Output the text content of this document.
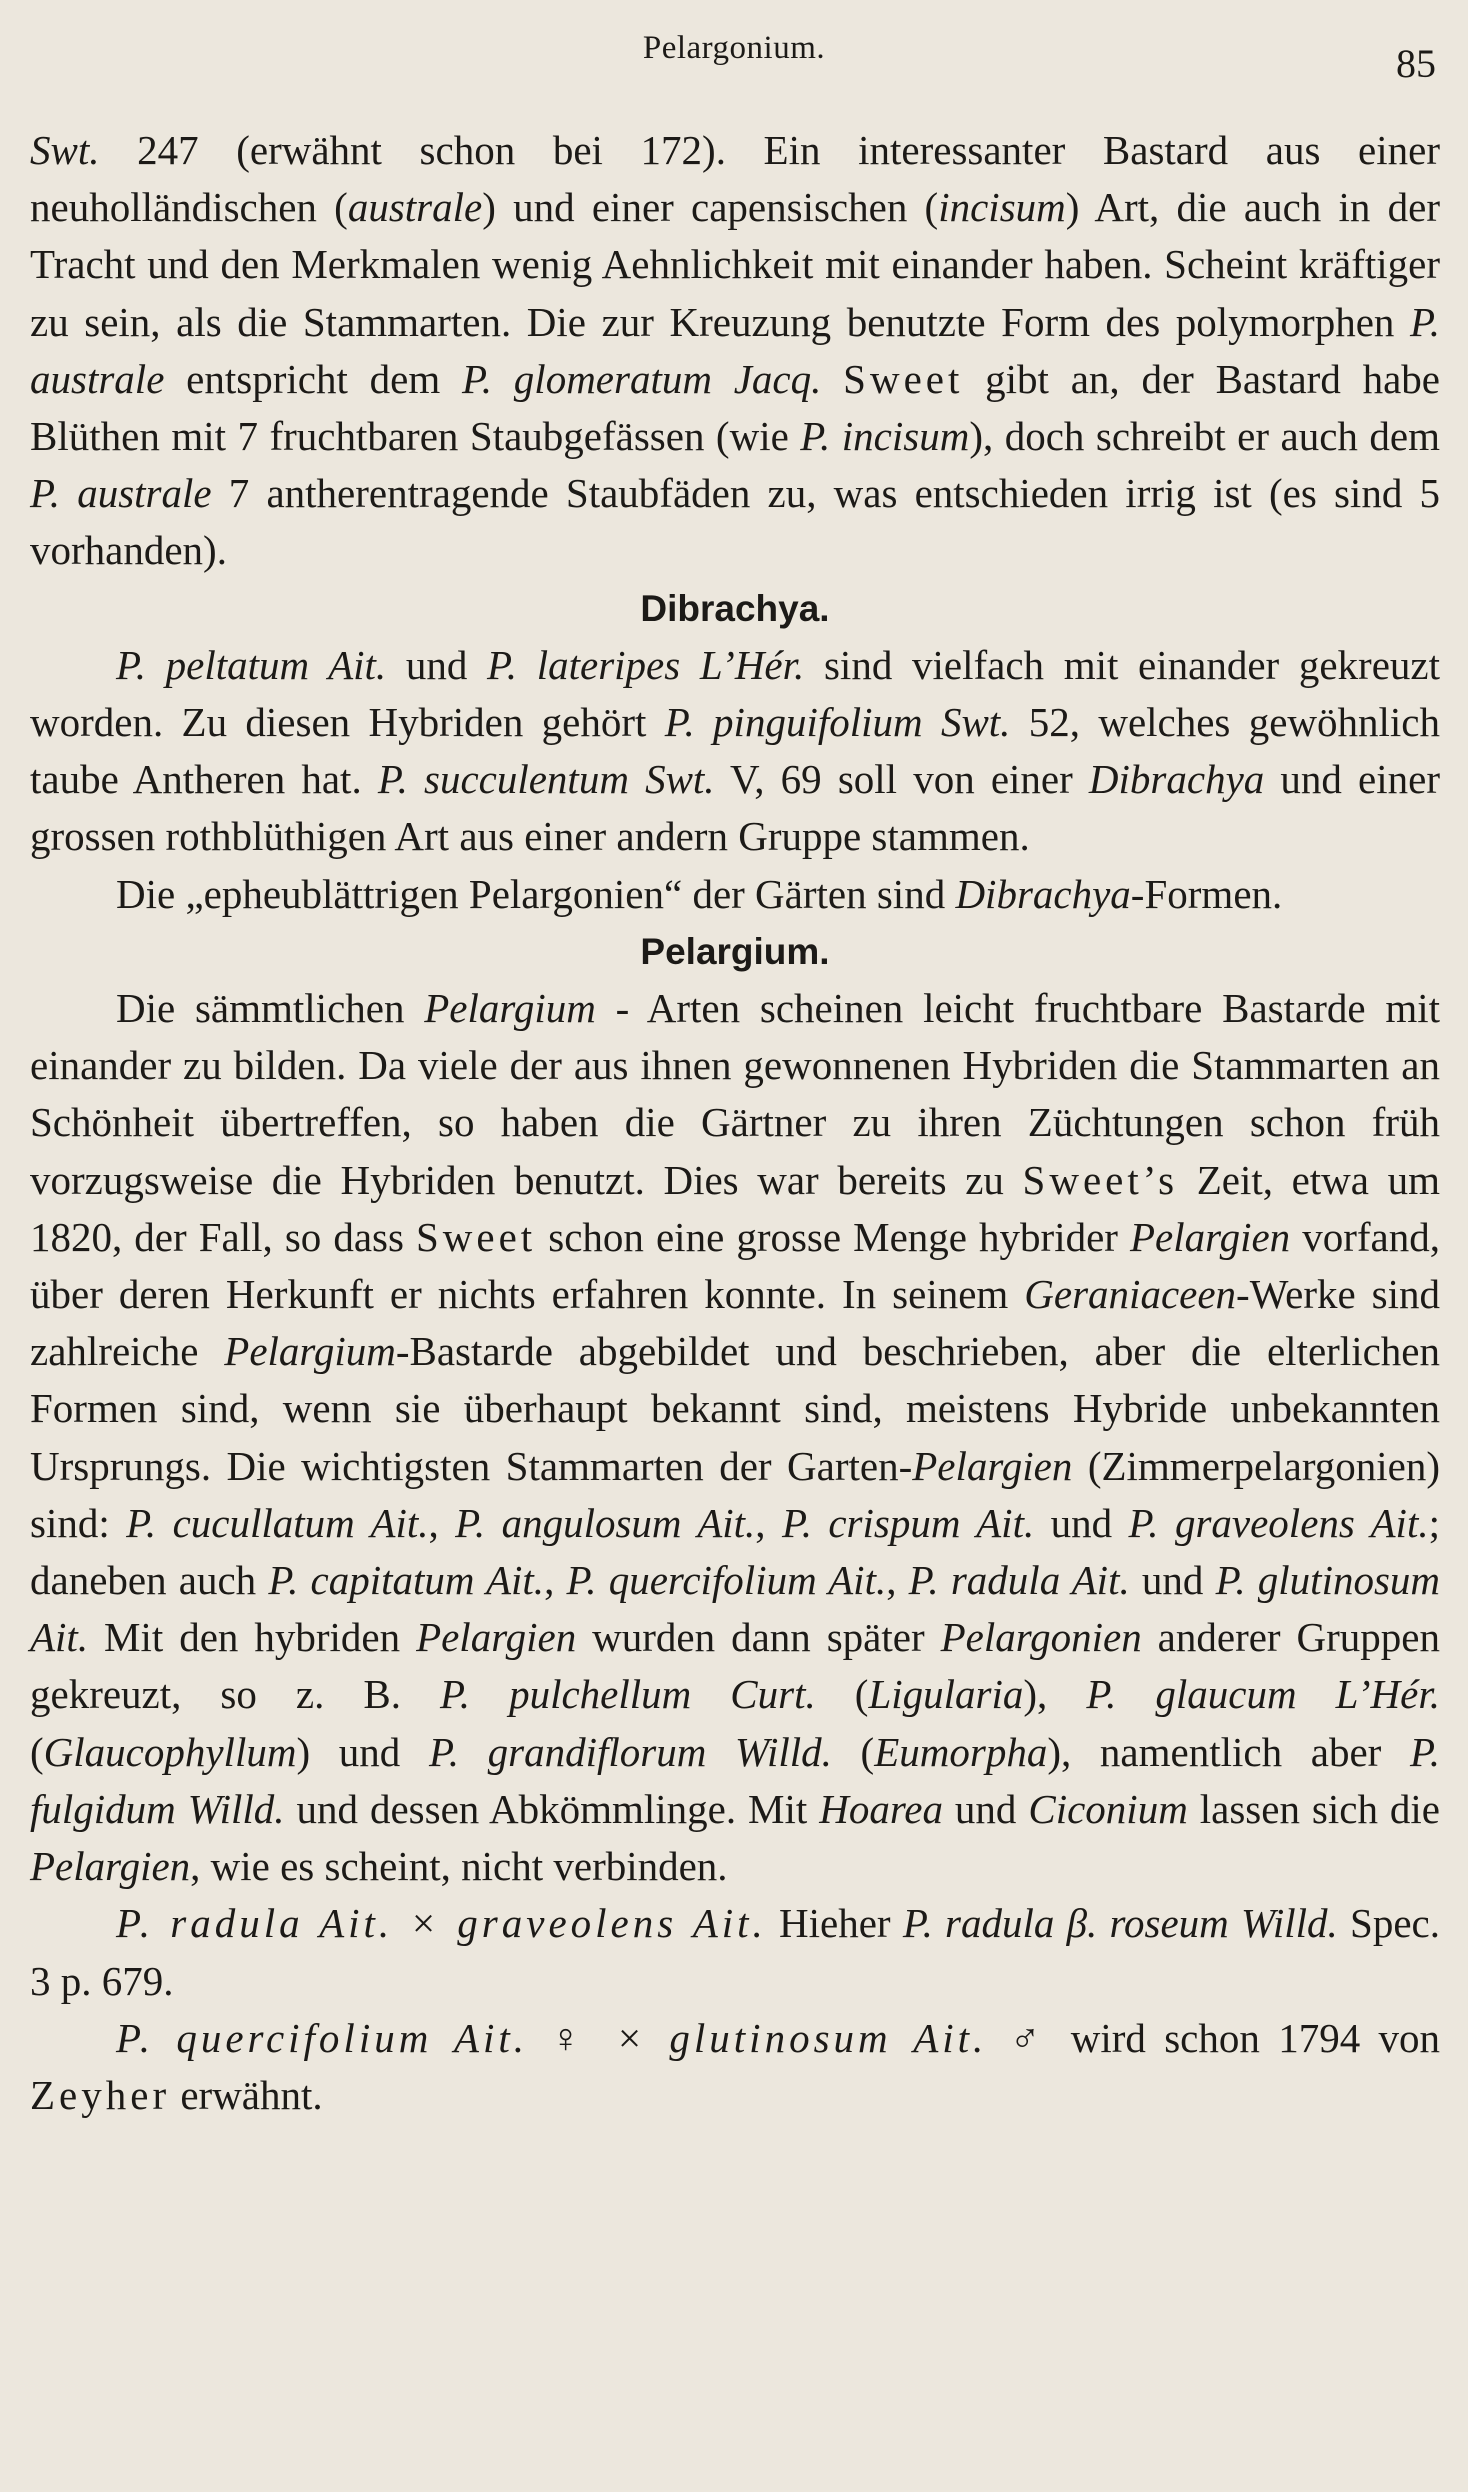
Pelargonium.	85

Swt. 247 (erwähnt schon bei 172). Ein interessanter Bastard aus einer neuholländischen (australe) und einer capensischen (incisum) Art, die auch in der Tracht und den Merkmalen wenig Aehnlichkeit mit einander haben. Scheint kräftiger zu sein, als die Stammarten. Die zur Kreuzung benutzte Form des polymorphen P. australe entspricht dem P. glomeratum Jacq. Sweet gibt an, der Bastard habe Blüthen mit 7 fruchtbaren Staubgefässen (wie P. incisum), doch schreibt er auch dem P. australe 7 antherentragende Staubfäden zu, was entschieden irrig ist (es sind 5 vorhanden).

Dibrachya.

P. peltatum Ait. und P. lateripes L’Hér. sind vielfach mit einander gekreuzt worden. Zu diesen Hybriden gehört P. pinguifolium Swt. 52, welches gewöhnlich taube Antheren hat. P. succulentum Swt. V, 69 soll von einer Dibrachya und einer grossen rothblüthigen Art aus einer andern Gruppe stammen.

Die „epheublättrigen Pelargonien“ der Gärten sind Dibrachya-Formen.

Pelargium.

Die sämmtlichen Pelargium - Arten scheinen leicht fruchtbare Bastarde mit einander zu bilden. Da viele der aus ihnen gewonnenen Hybriden die Stammarten an Schönheit übertreffen, so haben die Gärtner zu ihren Züchtungen schon früh vorzugsweise die Hybriden benutzt. Dies war bereits zu Sweet’s Zeit, etwa um 1820, der Fall, so dass Sweet schon eine grosse Menge hybrider Pelargien vorfand, über deren Herkunft er nichts erfahren konnte. In seinem Geraniaceen-Werke sind zahlreiche Pelargium-Bastarde abgebildet und beschrieben, aber die elterlichen Formen sind, wenn sie überhaupt bekannt sind, meistens Hybride unbekannten Ursprungs. Die wichtigsten Stammarten der Garten-Pelargien (Zimmerpelargonien) sind: P. cucullatum Ait., P. angulosum Ait., P. crispum Ait. und P. graveolens Ait.; daneben auch P. capitatum Ait., P. quercifolium Ait., P. radula Ait. und P. glutinosum Ait. Mit den hybriden Pelargien wurden dann später Pelargonien anderer Gruppen gekreuzt, so z. B. P. pulchellum Curt. (Ligularia), P. glaucum L’Hér. (Glaucophyllum) und P. grandiflorum Willd. (Eumorpha), namentlich aber P. fulgidum Willd. und dessen Abkömmlinge. Mit Hoarea und Ciconium lassen sich die Pelargien, wie es scheint, nicht verbinden.

P. radula Ait. × graveolens Ait. Hieher P. radula β. roseum Willd. Spec. 3 p. 679.

P. quercifolium Ait. ♀ × glutinosum Ait. ♂ wird schon 1794 von Zeyher erwähnt.
